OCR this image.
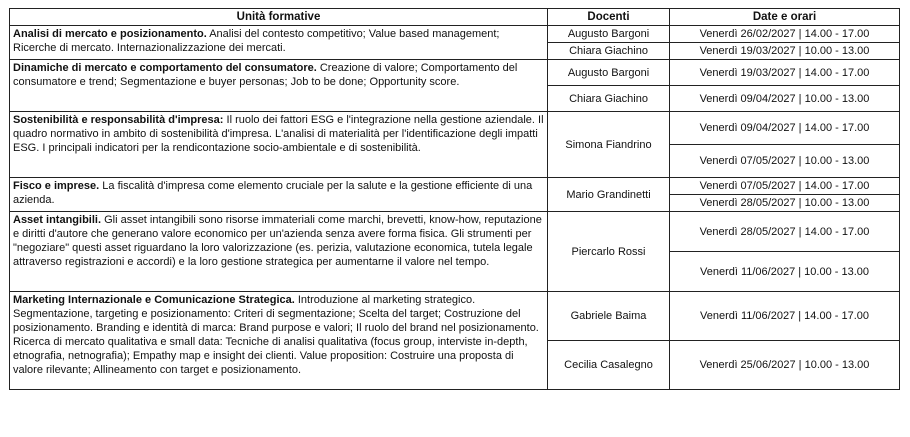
Unità formative	Docenti	Date e orari
Analisi di mercato e posizionamento. Analisi del contesto competitivo; Value based management; Ricerche di mercato. Internazionalizzazione dei mercati.	Augusto Bargoni	Venerdì 26/02/2027 | 14.00 - 17.00
	Chiara Giachino	Venerdì 19/03/2027 | 10.00 - 13.00
Dinamiche di mercato e comportamento del consumatore. Creazione di valore; Comportamento del consumatore e trend; Segmentazione e buyer personas; Job to be done; Opportunity score.	Augusto Bargoni	Venerdì 19/03/2027 | 14.00 - 17.00
	Chiara Giachino	Venerdì 09/04/2027 | 10.00 - 13.00
Sostenibilità e responsabilità d'impresa: Il ruolo dei fattori ESG e l'integrazione nella gestione aziendale. Il quadro normativo in ambito di sostenibilità d'impresa. L'analisi di materialità per l'identificazione degli impatti ESG. I principali indicatori per la rendicontazione socio-ambientale e di sostenibilità.	Simona Fiandrino	Venerdì 09/04/2027 | 14.00 - 17.00
		Venerdì 07/05/2027 | 10.00 - 13.00
Fisco e imprese. La fiscalità d'impresa come elemento cruciale per la salute e la gestione efficiente di una azienda.	Mario Grandinetti	Venerdì 07/05/2027 | 14.00 - 17.00
		Venerdì 28/05/2027 | 10.00 - 13.00
Asset intangibili. Gli asset intangibili sono risorse immateriali come marchi, brevetti, know-how, reputazione e diritti d'autore che generano valore economico per un'azienda senza avere forma fisica. Gli strumenti per "negoziare" questi asset riguardano la loro valorizzazione (es. perizia, valutazione economica, tutela legale attraverso registrazioni e accordi) e la loro gestione strategica per aumentarne il valore nel tempo.	Piercarlo Rossi	Venerdì 28/05/2027 | 14.00 - 17.00
		Venerdì 11/06/2027 | 10.00 - 13.00
Marketing Internazionale e Comunicazione Strategica. Introduzione al marketing strategico. Segmentazione, targeting e posizionamento: Criteri di segmentazione; Scelta del target; Costruzione del posizionamento. Branding e identità di marca: Brand purpose e valori; Il ruolo del brand nel posizionamento. Ricerca di mercato qualitativa e small data: Tecniche di analisi qualitativa (focus group, interviste in-depth, etnografia, netnografia); Empathy map e insight dei clienti. Value proposition: Costruire una proposta di valore rilevante; Allineamento con target e posizionamento.	Gabriele Baima	Venerdì 11/06/2027 | 14.00 - 17.00
	Cecilia Casalegno	Venerdì 25/06/2027 | 10.00 - 13.00
